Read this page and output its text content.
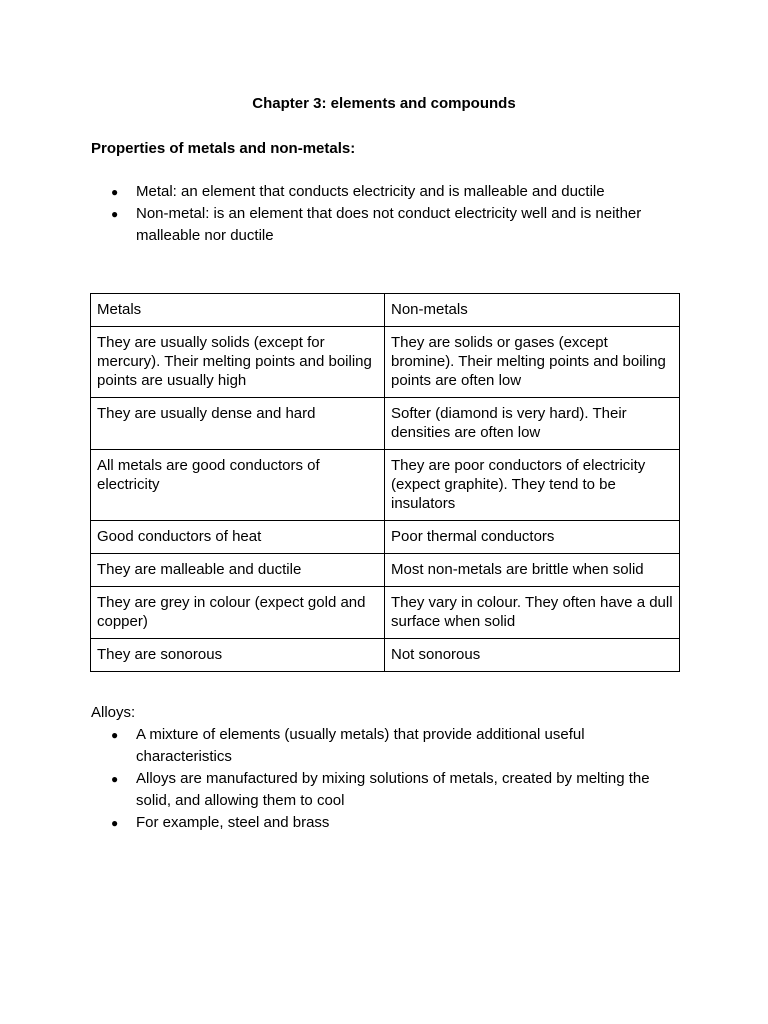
Chapter 3: elements and compounds
Properties of metals and non-metals:
● Metal: an element that conducts electricity and is malleable and ductile
● Non-metal: is an element that does not conduct electricity well and is neither malleable nor ductile
Metals	Non-metals
They are usually solids (except for mercury). Their melting points and boiling points are usually high	They are solids or gases (except bromine). Their melting points and boiling points are often low
They are usually dense and hard	Softer (diamond is very hard). Their densities are often low
All metals are good conductors of electricity	They are poor conductors of electricity (expect graphite). They tend to be insulators
Good conductors of heat	Poor thermal conductors
They are malleable and ductile	Most non-metals are brittle when solid
They are grey in colour (expect gold and copper)	They vary in colour. They often have a dull surface when solid
They are sonorous	Not sonorous
Alloys:
● A mixture of elements (usually metals) that provide additional useful characteristics
● Alloys are manufactured by mixing solutions of metals, created by melting the solid, and allowing them to cool
● For example, steel and brass
